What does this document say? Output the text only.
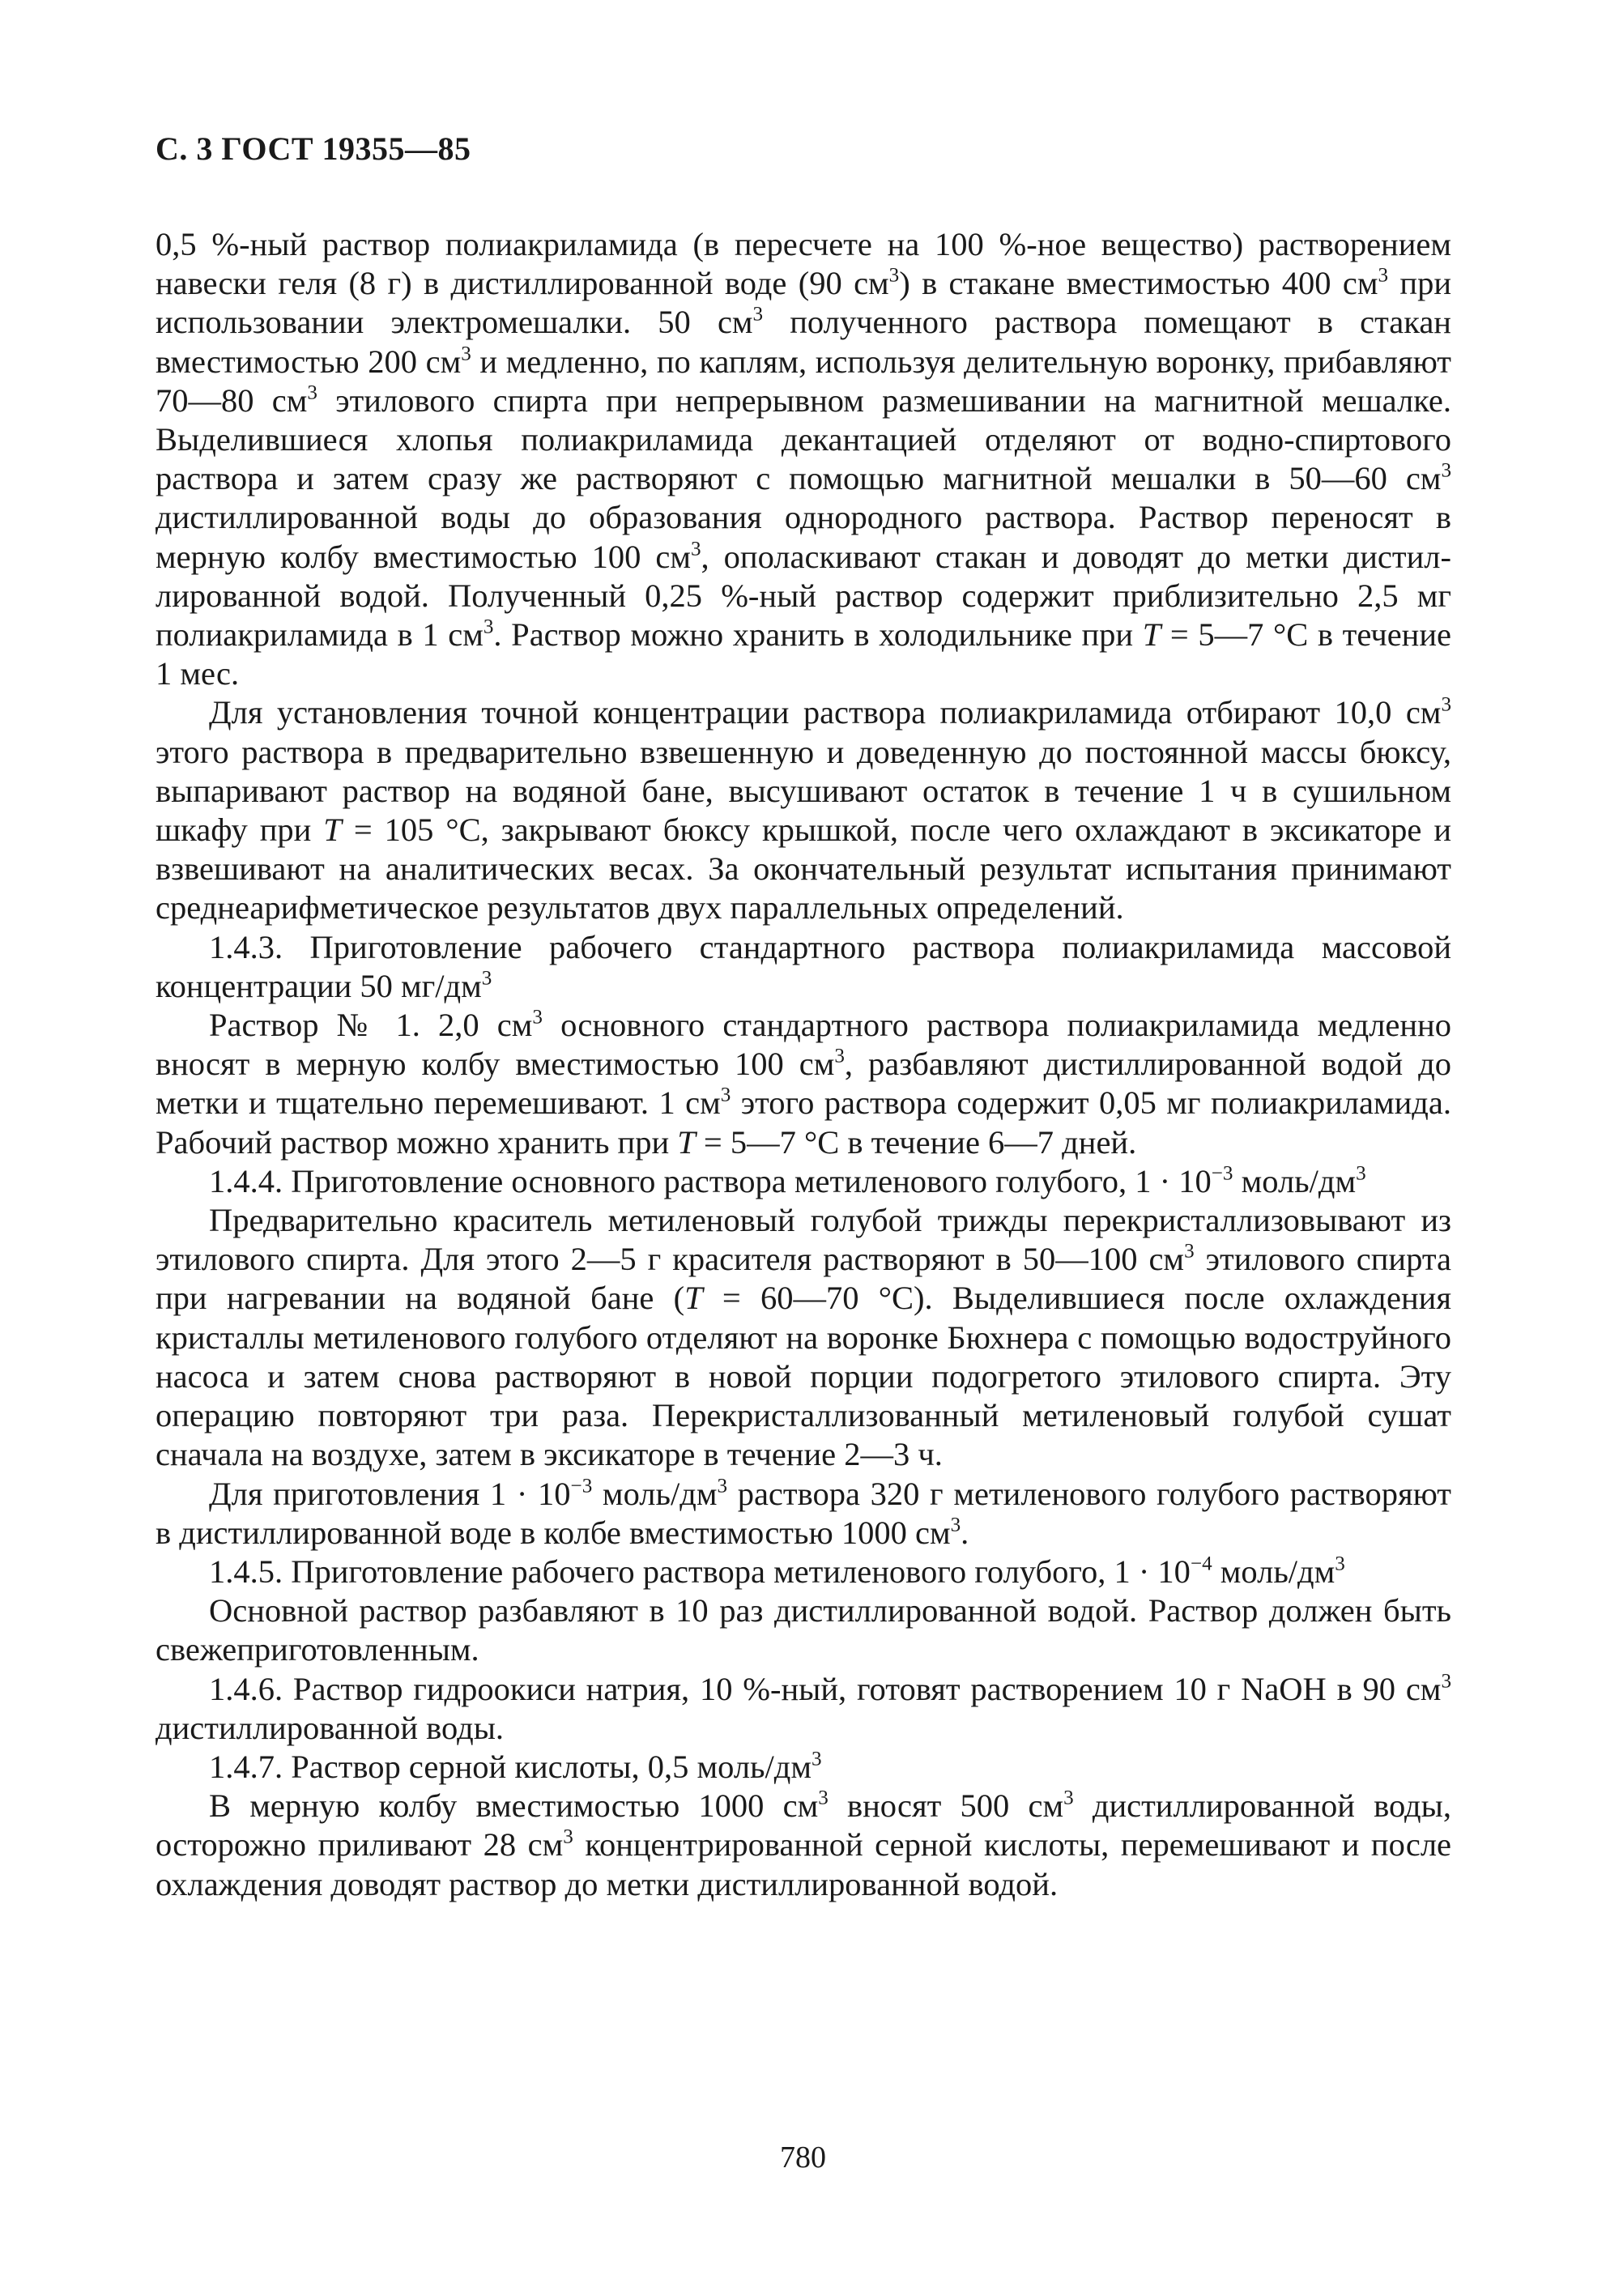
С. 3 ГОСТ 19355—85

0,5 %-ный раствор полиакриламида (в пересчете на 100 %-ное вещество) растворением навески геля (8 г) в дистиллированной воде (90 $см^3$) в стакане вместимостью 400 $см^3$ при использовании электромешалки. 50 $см^3$ полученного раствора помещают в стакан вместимостью 200 $см^3$ и медленно, по каплям, используя делительную воронку, прибавляют 70—80 $см^3$ этилового спирта при непрерывном размешивании на магнитной мешалке. Выделившиеся хлопья полиакриламида декантацией отделяют от водно-спиртового раствора и затем сразу же растворяют с помощью магнитной мешалки в 50—60 $см^3$ дистиллированной воды до образования однородного раствора. Раствор переносят в мерную колбу вместимостью 100 $см^3$, ополаскивают стакан и доводят до метки дистиллированной водой. Полученный 0,25 %-ный раствор содержит приблизительно 2,5 мг полиакриламида в 1 $см^3$. Раствор можно хранить в холодильнике при Т = 5—7 °С в течение 1 мес.

Для установления точной концентрации раствора полиакриламида отбирают 10,0 $см^3$ этого раствора в предварительно взвешенную и доведенную до постоянной массы бюксу, выпаривают раствор на водяной бане, высушивают остаток в течение 1 ч в сушильном шкафу при Т = 105 °С, закрывают бюксу крышкой, после чего охлаждают в эксикаторе и взвешивают на аналитических весах. За окончательный результат испытания принимают среднеарифметическое результатов двух параллельных определений.

1.4.3. Приготовление рабочего стандартного раствора полиакриламида массовой концентрации 50 $мг/дм^3$

Раствор № 1. 2,0 $см^3$ основного стандартного раствора полиакриламида медленно вносят в мерную колбу вместимостью 100 $см^3$, разбавляют дистиллированной водой до метки и тщательно перемешивают. 1 $см^3$ этого раствора содержит 0,05 мг полиакриламида. Рабочий раствор можно хранить при Т = 5—7 °С в течение 6—7 дней.

1.4.4. Приготовление основного раствора метиленового голубого, $1 \cdot 10^{-3}$ моль/$дм^3$

Предварительно краситель метиленовый голубой трижды перекристаллизовывают из этилового спирта. Для этого 2—5 г красителя растворяют в 50—100 $см^3$ этилового спирта при нагревании на водяной бане (Т = 60—70 °С). Выделившиеся после охлаждения кристаллы метиленового голубого отделяют на воронке Бюхнера с помощью водоструйного насоса и затем снова растворяют в новой порции подогретого этилового спирта. Эту операцию повторяют три раза. Перекристаллизованный метиленовый голубой сушат сначала на воздухе, затем в эксикаторе в течение 2—3 ч.

Для приготовления $1 \cdot 10^{-3}$ моль/$дм^3$ раствора 320 г метиленового голубого растворяют в дистиллированной воде в колбе вместимостью 1000 $см^3$.

1.4.5. Приготовление рабочего раствора метиленового голубого, $1 \cdot 10^{-4}$ моль/$дм^3$

Основной раствор разбавляют в 10 раз дистиллированной водой. Раствор должен быть свежеприготовленным.

1.4.6. Раствор гидроокиси натрия, 10 %-ный, готовят растворением 10 г NaOH в 90 $см^3$ дистиллированной воды.

1.4.7. Раствор серной кислоты, 0,5 моль/$дм^3$

В мерную колбу вместимостью 1000 $см^3$ вносят 500 $см^3$ дистиллированной воды, осторожно приливают 28 $см^3$ концентрированной серной кислоты, перемешивают и после охлаждения доводят раствор до метки дистиллированной водой.

780
